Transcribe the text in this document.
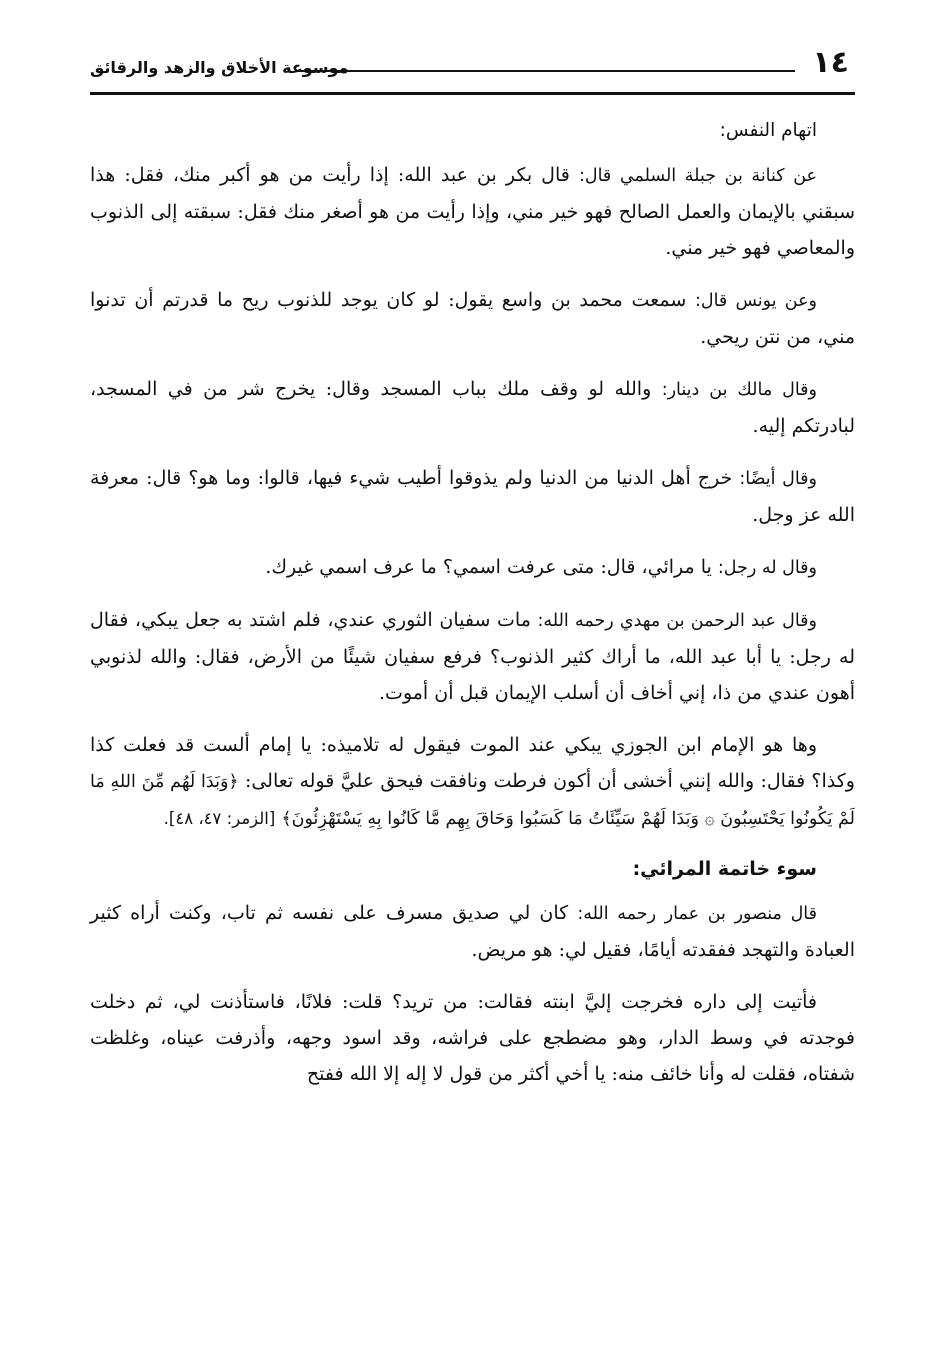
١٤
موسوعة الأخلاق والزهد والرقائق
اتهام النفس:

عن كنانة بن جبلة السلمي قال: قال بكر بن عبد الله: إذا رأيت من هو أكبر منك، فقل: هذا سبقني بالإيمان والعمل الصالح فهو خير مني، وإذا رأيت من هو أصغر منك فقل: سبقته إلى الذنوب والمعاصي فهو خير مني.

وعن يونس قال: سمعت محمد بن واسع يقول: لو كان يوجد للذنوب ريح ما قدرتم أن تدنوا مني، من نتن ريحي.

وقال مالك بن دينار: والله لو وقف ملك بباب المسجد وقال: يخرج شر من في المسجد، لبادرتكم إليه.

وقال أيضًا: خرج أهل الدنيا من الدنيا ولم يذوقوا أطيب شيء فيها، قالوا: وما هو؟ قال: معرفة الله عز وجل.

وقال له رجل: يا مرائي، قال: متى عرفت اسمي؟ ما عرف اسمي غيرك.

وقال عبد الرحمن بن مهدي رحمه الله: مات سفيان الثوري عندي، فلم اشتد به جعل يبكي، فقال له رجل: يا أبا عبد الله، ما أراك كثير الذنوب؟ فرفع سفيان شيئًا من الأرض، فقال: والله لذنوبي أهون عندي من ذا، إني أخاف أن أسلب الإيمان قبل أن أموت.

وها هو الإمام ابن الجوزي يبكي عند الموت فيقول له تلاميذه: يا إمام ألست قد فعلت كذا وكذا؟ فقال: والله إنني أخشى أن أكون فرطت ونافقت فيحق عليَّ قوله تعالى: ﴿وَبَدَا لَهُم مِّنَ اللهِ مَا لَمْ يَكُونُوا يَحْتَسِبُونَ ۞ وَبَدَا لَهُمْ سَيِّئَاتُ مَا كَسَبُوا وَحَاقَ بِهِم مَّا كَانُوا بِهِ يَسْتَهْزِئُونَ﴾ [الزمر: ٤٧، ٤٨].

سوء خاتمة المرائي:

قال منصور بن عمار رحمه الله: كان لي صديق مسرف على نفسه ثم تاب، وكنت أراه كثير العبادة والتهجد ففقدته أيامًا، فقيل لي: هو مريض.

فأتيت إلى داره فخرجت إليَّ ابنته فقالت: من تريد؟ قلت: فلانًا، فاستأذنت لي، ثم دخلت فوجدته في وسط الدار، وهو مضطجع على فراشه، وقد اسود وجهه، وأذرفت عيناه، وغلظت شفتاه، فقلت له وأنا خائف منه: يا أخي أكثر من قول لا إله إلا الله ففتح
